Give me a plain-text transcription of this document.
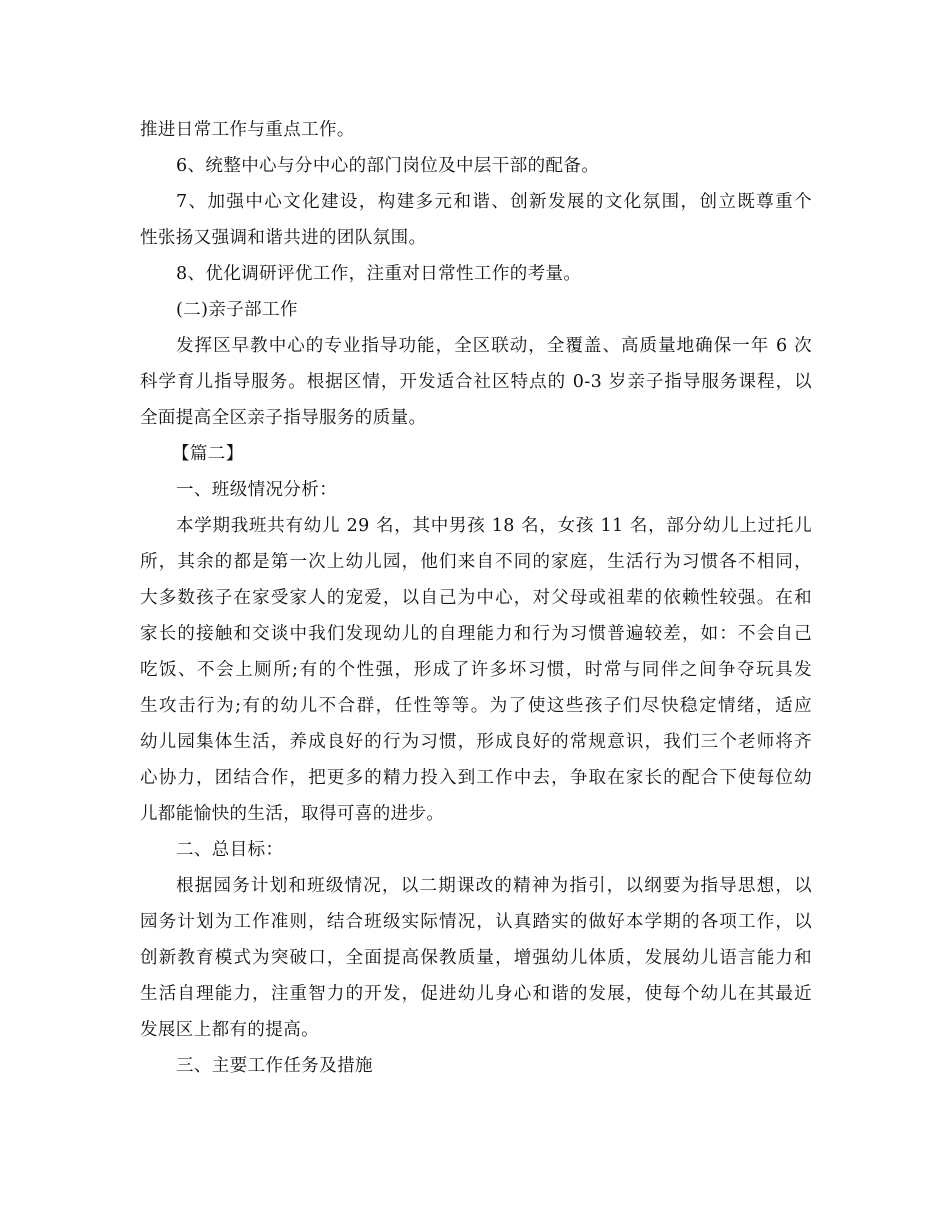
推进日常工作与重点工作。
6、统整中心与分中心的部门岗位及中层干部的配备。
7、加强中心文化建设，构建多元和谐、创新发展的文化氛围，创立既尊重个
性张扬又强调和谐共进的团队氛围。
8、优化调研评优工作，注重对日常性工作的考量。
(二)亲子部工作
发挥区早教中心的专业指导功能，全区联动，全覆盖、高质量地确保一年 6 次
科学育儿指导服务。根据区情，开发适合社区特点的 0-3 岁亲子指导服务课程，以
全面提高全区亲子指导服务的质量。
【篇二】
一、班级情况分析：
本学期我班共有幼儿 29 名，其中男孩 18 名，女孩 11 名，部分幼儿上过托儿
所，其余的都是第一次上幼儿园，他们来自不同的家庭，生活行为习惯各不相同，
大多数孩子在家受家人的宠爱，以自己为中心，对父母或祖辈的依赖性较强。在和
家长的接触和交谈中我们发现幼儿的自理能力和行为习惯普遍较差，如：不会自己
吃饭、不会上厕所;有的个性强，形成了许多坏习惯，时常与同伴之间争夺玩具发
生攻击行为;有的幼儿不合群，任性等等。为了使这些孩子们尽快稳定情绪，适应
幼儿园集体生活，养成良好的行为习惯，形成良好的常规意识，我们三个老师将齐
心协力，团结合作，把更多的精力投入到工作中去，争取在家长的配合下使每位幼
儿都能愉快的生活，取得可喜的进步。
二、总目标：
根据园务计划和班级情况，以二期课改的精神为指引，以纲要为指导思想，以
园务计划为工作准则，结合班级实际情况，认真踏实的做好本学期的各项工作，以
创新教育模式为突破口，全面提高保教质量，增强幼儿体质，发展幼儿语言能力和
生活自理能力，注重智力的开发，促进幼儿身心和谐的发展，使每个幼儿在其最近
发展区上都有的提高。
三、主要工作任务及措施
